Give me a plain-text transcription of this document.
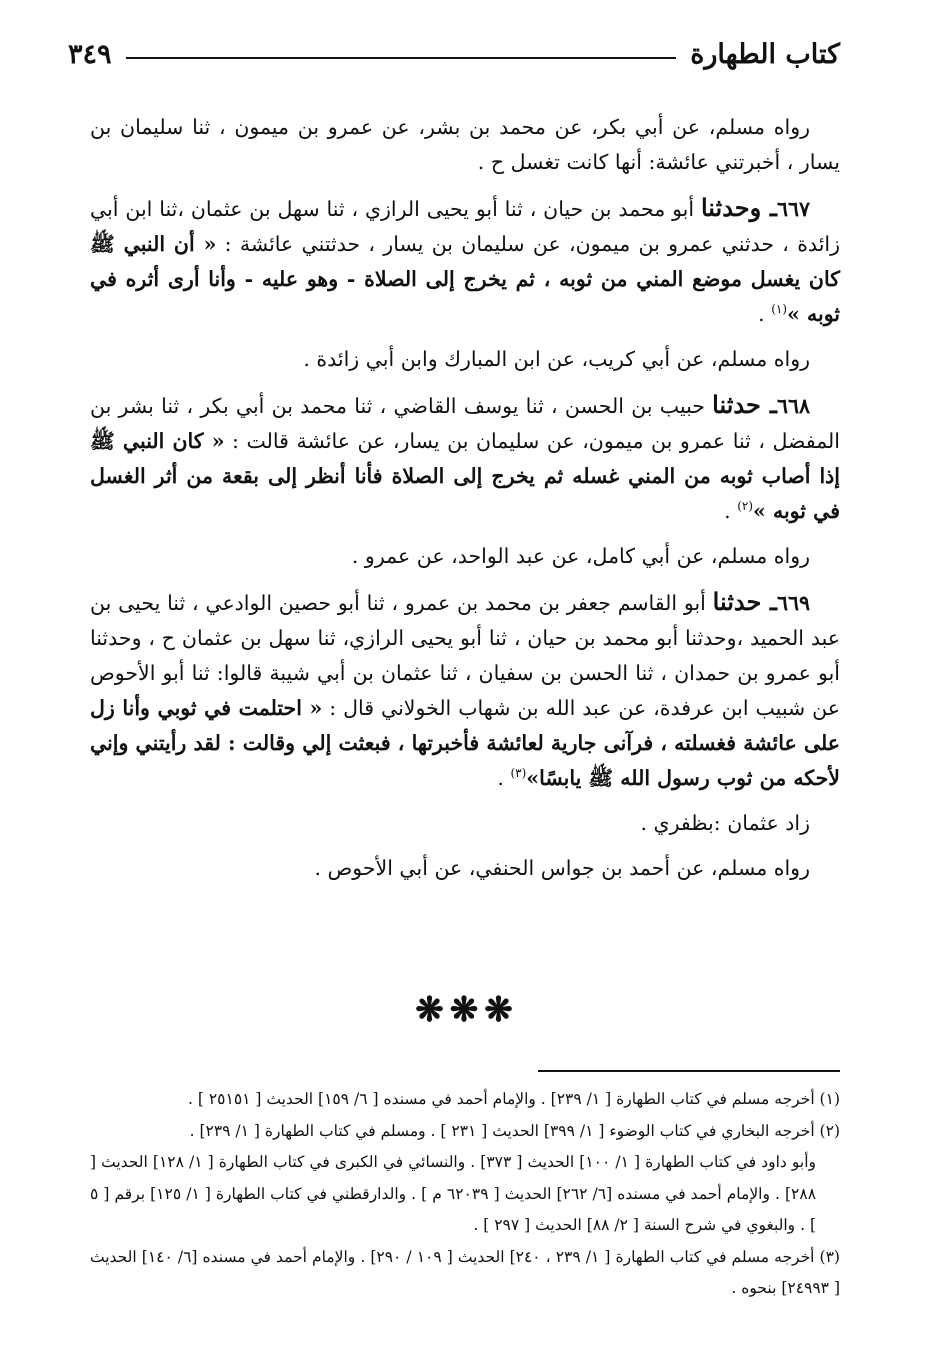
كتاب الطهارة
٣٤٩

رواه مسلم، عن أبي بكر، عن محمد بن بشر، عن عمرو بن ميمون ، ثنا سليمان بن يسار ، أخبرتني عائشة: أنها كانت تغسل ح .

٦٦٧ـ وحدثنا أبو محمد بن حيان ، ثنا أبو يحيى الرازي ، ثنا سهل بن عثمان ،ثنا ابن أبي زائدة ، حدثني عمرو بن ميمون، عن سليمان بن يسار ، حدثتني عائشة : « أن النبي ﷺ كان يغسل موضع المني من ثوبه ، ثم يخرج إلى الصلاة - وهو عليه - وأنا أرى أثره في ثوبه »$^{(١)}$ .

رواه مسلم، عن أبي كريب، عن ابن المبارك وابن أبي زائدة .

٦٦٨ـ حدثنا حبيب بن الحسن ، ثنا يوسف القاضي ، ثنا محمد بن أبي بكر ، ثنا بشر بن المفضل ، ثنا عمرو بن ميمون، عن سليمان بن يسار، عن عائشة قالت : « كان النبي ﷺ إذا أصاب ثوبه من المني غسله ثم يخرج إلى الصلاة فأنا أنظر إلى بقعة من أثر الغسل في ثوبه »$^{(٢)}$ .

رواه مسلم، عن أبي كامل، عن عبد الواحد، عن عمرو .

٦٦٩ـ حدثنا أبو القاسم جعفر بن محمد بن عمرو ، ثنا أبو حصين الوادعي ، ثنا يحيى بن عبد الحميد ،وحدثنا أبو محمد بن حيان ، ثنا أبو يحيى الرازي، ثنا سهل بن عثمان ح ، وحدثنا أبو عمرو بن حمدان ، ثنا الحسن بن سفيان ، ثنا عثمان بن أبي شيبة قالوا: ثنا أبو الأحوص عن شبيب ابن عرفدة، عن عبد الله بن شهاب الخولاني قال : « احتلمت في ثوبي وأنا زل على عائشة فغسلته ، فرآنى جارية لعائشة فأخبرتها ، فبعثت إلي وقالت : لقد رأيتني وإني لأحكه من ثوب رسول الله ﷺ يابسًا»$^{(٣)}$ .

زاد عثمان :بظفري .

رواه مسلم، عن أحمد بن جواس الحنفي، عن أبي الأحوص .

❋❋❋

(١) أخرجه مسلم في كتاب الطهارة [ ١/ ٢٣٩] . والإمام أحمد في مسنده [ ٦/ ١٥٩] الحديث [ ٢٥١٥١ ] .

(٢) أخرجه البخاري في كتاب الوضوء [ ١/ ٣٩٩] الحديث [ ٢٣١ ] . ومسلم في كتاب الطهارة [ ١/ ٢٣٩] .

وأبو داود في كتاب الطهارة [ ١/ ١٠٠] الحديث [ ٣٧٣] . والنسائي في الكبرى في كتاب الطهارة [ ١/ ١٢٨] الحديث [ ٢٨٨] . والإمام أحمد في مسنده [٦/ ٢٦٢] الحديث [ ٦٢٠٣٩ م ] . والدارقطني في كتاب الطهارة [ ١/ ١٢٥] برقم [ ٥ ] . والبغوي في شرح السنة [ ٢/ ٨٨] الحديث [ ٢٩٧ ] .

(٣) أخرجه مسلم في كتاب الطهارة [ ١/ ٢٣٩ ، ٢٤٠] الحديث [ ١٠٩ / ٢٩٠] . والإمام أحمد في مسنده [٦/ ١٤٠] الحديث [ ٢٤٩٩٣] بنحوه .
